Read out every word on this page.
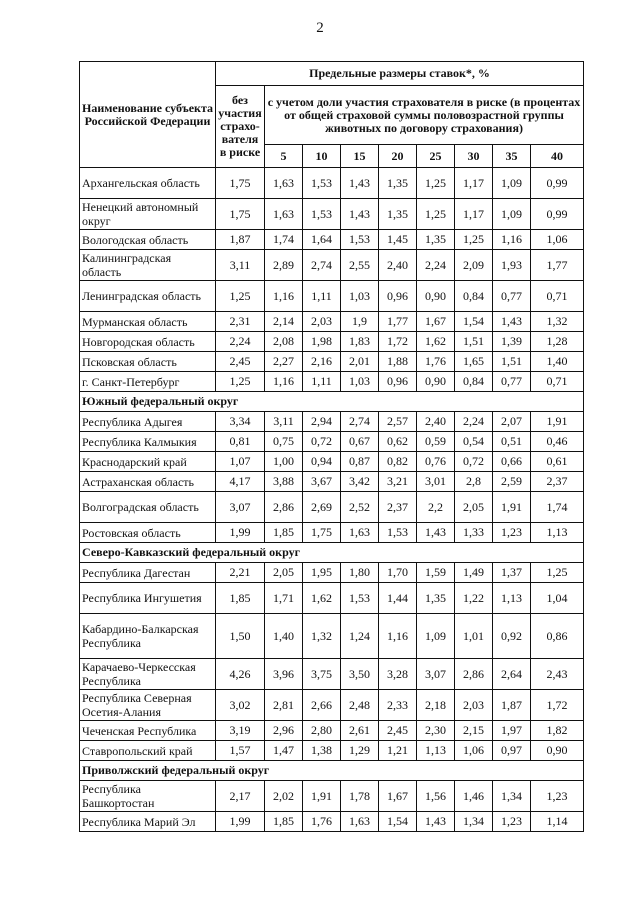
2
Наименование субъекта Российской Федерации	Предельные размеры ставок*, %								
	без участия страхо-вателя в риске	с учетом доли участия страхователя в риске (в процентах от общей страховой суммы половозрастной группы животных по договору страхования)							
		5	10	15	20	25	30	35	40
Архангельская область	1,75	1,63	1,53	1,43	1,35	1,25	1,17	1,09	0,99
Ненецкий автономный округ	1,75	1,63	1,53	1,43	1,35	1,25	1,17	1,09	0,99
Вологодская область	1,87	1,74	1,64	1,53	1,45	1,35	1,25	1,16	1,06
Калининградская область	3,11	2,89	2,74	2,55	2,40	2,24	2,09	1,93	1,77
Ленинградская область	1,25	1,16	1,11	1,03	0,96	0,90	0,84	0,77	0,71
Мурманская область	2,31	2,14	2,03	1,9	1,77	1,67	1,54	1,43	1,32
Новгородская область	2,24	2,08	1,98	1,83	1,72	1,62	1,51	1,39	1,28
Псковская область	2,45	2,27	2,16	2,01	1,88	1,76	1,65	1,51	1,40
г. Санкт-Петербург	1,25	1,16	1,11	1,03	0,96	0,90	0,84	0,77	0,71
Южный федеральный округ									
Республика Адыгея	3,34	3,11	2,94	2,74	2,57	2,40	2,24	2,07	1,91
Республика Калмыкия	0,81	0,75	0,72	0,67	0,62	0,59	0,54	0,51	0,46
Краснодарский край	1,07	1,00	0,94	0,87	0,82	0,76	0,72	0,66	0,61
Астраханская область	4,17	3,88	3,67	3,42	3,21	3,01	2,8	2,59	2,37
Волгоградская область	3,07	2,86	2,69	2,52	2,37	2,2	2,05	1,91	1,74
Ростовская область	1,99	1,85	1,75	1,63	1,53	1,43	1,33	1,23	1,13
Северо-Кавказский федеральный округ									
Республика Дагестан	2,21	2,05	1,95	1,80	1,70	1,59	1,49	1,37	1,25
Республика Ингушетия	1,85	1,71	1,62	1,53	1,44	1,35	1,22	1,13	1,04
Кабардино-Балкарская Республика	1,50	1,40	1,32	1,24	1,16	1,09	1,01	0,92	0,86
Карачаево-Черкесская Республика	4,26	3,96	3,75	3,50	3,28	3,07	2,86	2,64	2,43
Республика Северная Осетия-Алания	3,02	2,81	2,66	2,48	2,33	2,18	2,03	1,87	1,72
Чеченская Республика	3,19	2,96	2,80	2,61	2,45	2,30	2,15	1,97	1,82
Ставропольский край	1,57	1,47	1,38	1,29	1,21	1,13	1,06	0,97	0,90
Приволжский федеральный округ									
Республика Башкортостан	2,17	2,02	1,91	1,78	1,67	1,56	1,46	1,34	1,23
Республика Марий Эл	1,99	1,85	1,76	1,63	1,54	1,43	1,34	1,23	1,14
